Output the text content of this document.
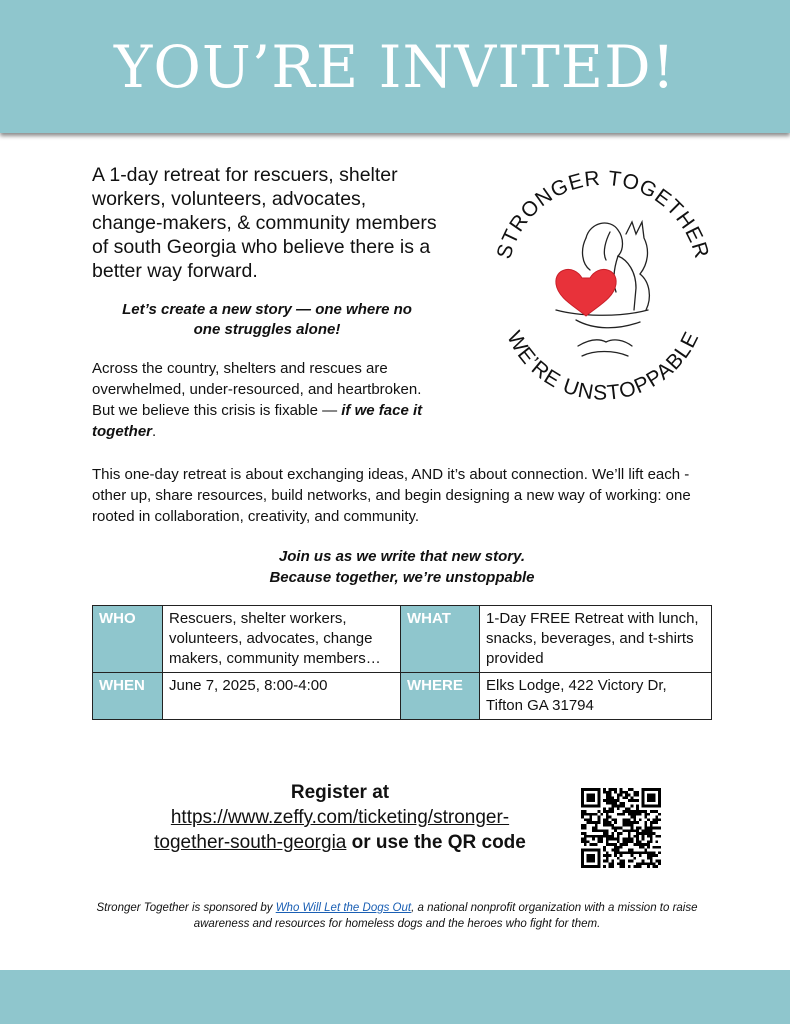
YOU’RE INVITED!

A 1-day retreat for rescuers, shelter workers, volunteers, advocates, change-makers, & community members of south Georgia who believe there is a better way forward.

Let’s create a new story — one where no
one struggles alone!

Across the country, shelters and rescues are overwhelmed, under-resourced, and heartbroken. But we believe this crisis is fixable — if we face it together.

STRONGER TOGETHER
WE’RE UNSTOPPABLE

This one-day retreat is about exchanging ideas, AND it’s about connection. We’ll lift each -other up, share resources, build networks, and begin designing a new way of working: one rooted in collaboration, creativity, and community.

Join us as we write that new story.
Because together, we’re unstoppable

WHO	Rescuers, shelter workers, volunteers, advocates, change makers, community members…	WHAT	1-Day FREE Retreat with lunch, snacks, beverages, and t-shirts provided
WHEN	June 7, 2025, 8:00-4:00	WHERE	Elks Lodge, 422 Victory Dr, Tifton GA 31794

Register at
https://www.zeffy.com/ticketing/stronger-
together-south-georgia or use the QR code

Stronger Together is sponsored by Who Will Let the Dogs Out, a national nonprofit organization with a mission to raise awareness and resources for homeless dogs and the heroes who fight for them.
